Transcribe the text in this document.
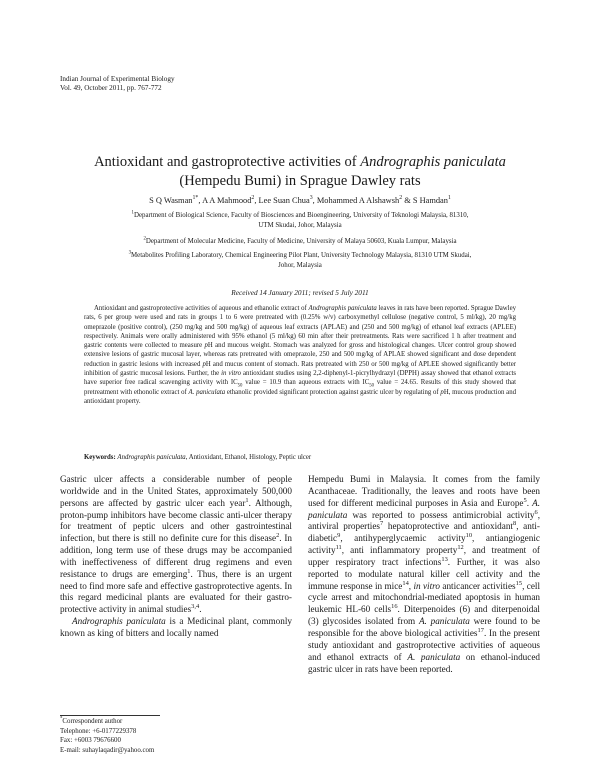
Indian Journal of Experimental Biology
Vol. 49, October 2011, pp. 767-772
Antioxidant and gastroprotective activities of Andrographis paniculata
(Hempedu Bumi) in Sprague Dawley rats
S Q Wasman$^{1*}$, A A Mahmood$^2$, Lee Suan Chua$^3$, Mohammed A Alshawsh$^2$ & S Hamdan$^1$
$^1$Department of Biological Science, Faculty of Biosciences and Bioengineering, University of Teknologi Malaysia, 81310,
UTM Skudai, Johor, Malaysia
$^2$Department of Molecular Medicine, Faculty of Medicine, University of Malaya 50603, Kuala Lumpur, Malaysia
$^3$Metabolites Profiling Laboratory, Chemical Engineering Pilot Plant, University Technology Malaysia, 81310 UTM Skudai,
Johor, Malaysia
Received 14 January 2011; revised 5 July 2011

Antioxidant and gastroprotective activities of aqueous and ethanolic extract of Andrographis paniculata leaves in rats have been reported. Sprague Dawley rats, 6 per group were used and rats in groups 1 to 6 were pretreated with (0.25% w/v) carboxymethyl cellulose (negative control, 5 ml/kg), 20 mg/kg omeprazole (positive control), (250 mg/kg and 500 mg/kg) of aqueous leaf extracts (APLAE) and (250 and 500 mg/kg) of ethanol leaf extracts (APLEE) respectively. Animals were orally administered with 95% ethanol (5 ml/kg) 60 min after their pretreatments. Rats were sacrificed 1 h after treatment and gastric contents were collected to measure pH and mucous weight. Stomach was analyzed for gross and histological changes. Ulcer control group showed extensive lesions of gastric mucosal layer, whereas rats pretreated with omeprazole, 250 and 500 mg/kg of APLAE showed significant and dose dependent reduction in gastric lesions with increased pH and mucus content of stomach. Rats pretreated with 250 or 500 mg/kg of APLEE showed significantly better inhibition of gastric mucosal lesions. Further, the in vitro antioxidant studies using 2,2-diphenyl-1-picrylhydrazyl (DPPH) assay showed that ethanol extracts have superior free radical scavenging activity with $IC_{50}$ value = 10.9 than aqueous extracts with $IC_{50}$ value = 24.65. Results of this study showed that pretreatment with ethonolic extract of A. paniculata ethanolic provided significant protection against gastric ulcer by regulating of pH, mucous production and antioxidant property.

Keywords: Andrographis paniculata, Antioxidant, Ethanol, Histology, Peptic ulcer

Gastric ulcer affects a considerable number of people worldwide and in the United States, approximately 500,000 persons are affected by gastric ulcer each year$^1$. Although, proton-pump inhibitors have become classic anti-ulcer therapy for treatment of peptic ulcers and other gastrointestinal infection, but there is still no definite cure for this disease$^2$. In addition, long term use of these drugs may be accompanied with ineffectiveness of different drug regimens and even resistance to drugs are emerging$^1$. Thus, there is an urgent need to find more safe and effective gastroprotective agents. In this regard medicinal plants are evaluated for their gastro-protective activity in animal studies$^{3,4}$.

Andrographis paniculata is a Medicinal plant, commonly known as king of bitters and locally named

Hempedu Bumi in Malaysia. It comes from the family Acanthaceae. Traditionally, the leaves and roots have been used for different medicinal purposes in Asia and Europe$^5$. A. paniculata was reported to possess antimicrobial activity$^6$, antiviral properties$^7$ hepatoprotective and antioxidant$^8$, anti-diabetic$^9$, antihyperglycaemic activity$^{10}$, antiangiogenic activity$^{11}$, anti inflammatory property$^{12}$, and treatment of upper respiratory tract infections$^{13}$. Further, it was also reported to modulate natural killer cell activity and the immune response in mice$^{14}$, in vitro anticancer activities$^{15}$, cell cycle arrest and mitochondrial-mediated apoptosis in human leukemic HL-60 cells$^{16}$. Diterpenoides (6) and diterpenoidal (3) glycosides isolated from A. paniculata were found to be responsible for the above biological activities$^{17}$. In the present study antioxidant and gastroprotective activities of aqueous and ethanol extracts of A. paniculata on ethanol-induced gastric ulcer in rats have been reported.

*Correspondent author
Telephone: +6-0177229378
Fax: +6003 79676600
E-mail: suhaylaqadir@yahoo.com
